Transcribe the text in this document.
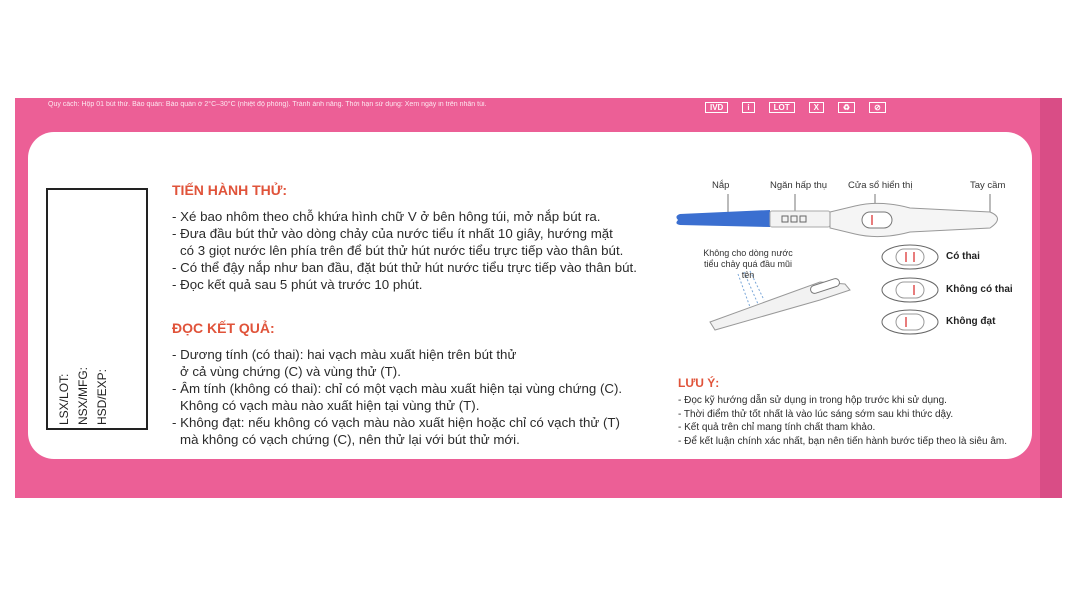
Quy cách: Hộp 01 bút thử. Bảo quản: Bảo quản ở 2°C–30°C (nhiệt độ phòng). Tránh ánh nắng. Thời hạn sử dụng: Xem ngày in trên nhãn túi.	IVD	i	LOT	X	♻	⊘
LSX/LOT: NSX/MFG: HSD/EXP:
TIẾN HÀNH THỬ:
- Xé bao nhôm theo chỗ khứa hình chữ V ở bên hông túi, mở nắp bút ra.
- Đưa đầu bút thử vào dòng chảy của nước tiểu ít nhất 10 giây, hướng mặt
có 3 giọt nước lên phía trên để bút thử hút nước tiểu trực tiếp vào thân bút.
- Có thể đậy nắp như ban đầu, đặt bút thử hút nước tiểu trực tiếp vào thân bút.
- Đọc kết quả sau 5 phút và trước 10 phút.
ĐỌC KẾT QUẢ:
- Dương tính (có thai): hai vạch màu xuất hiện trên bút thử
ở cả vùng chứng (C) và vùng thử (T).
- Âm tính (không có thai): chỉ có một vạch màu xuất hiện tại vùng chứng (C).
Không có vạch màu nào xuất hiện tại vùng thử (T).
- Không đạt: nếu không có vạch màu nào xuất hiện hoặc chỉ có vạch thử (T)
mà không có vạch chứng (C), nên thử lại với bút thử mới.
Nắp	Ngăn hấp thụ Cửa sổ hiển thị	Tay cầm
Không cho dòng nước tiểu chảy quá đầu mũi tên
Có thai
Không có thai
Không đạt
LƯU Ý:
- Đọc kỹ hướng dẫn sử dụng in trong hộp trước khi sử dụng.
- Thời điểm thử tốt nhất là vào lúc sáng sớm sau khi thức dậy.
- Kết quả trên chỉ mang tính chất tham khảo.
- Để kết luận chính xác nhất, bạn nên tiến hành bước tiếp theo là siêu âm.
